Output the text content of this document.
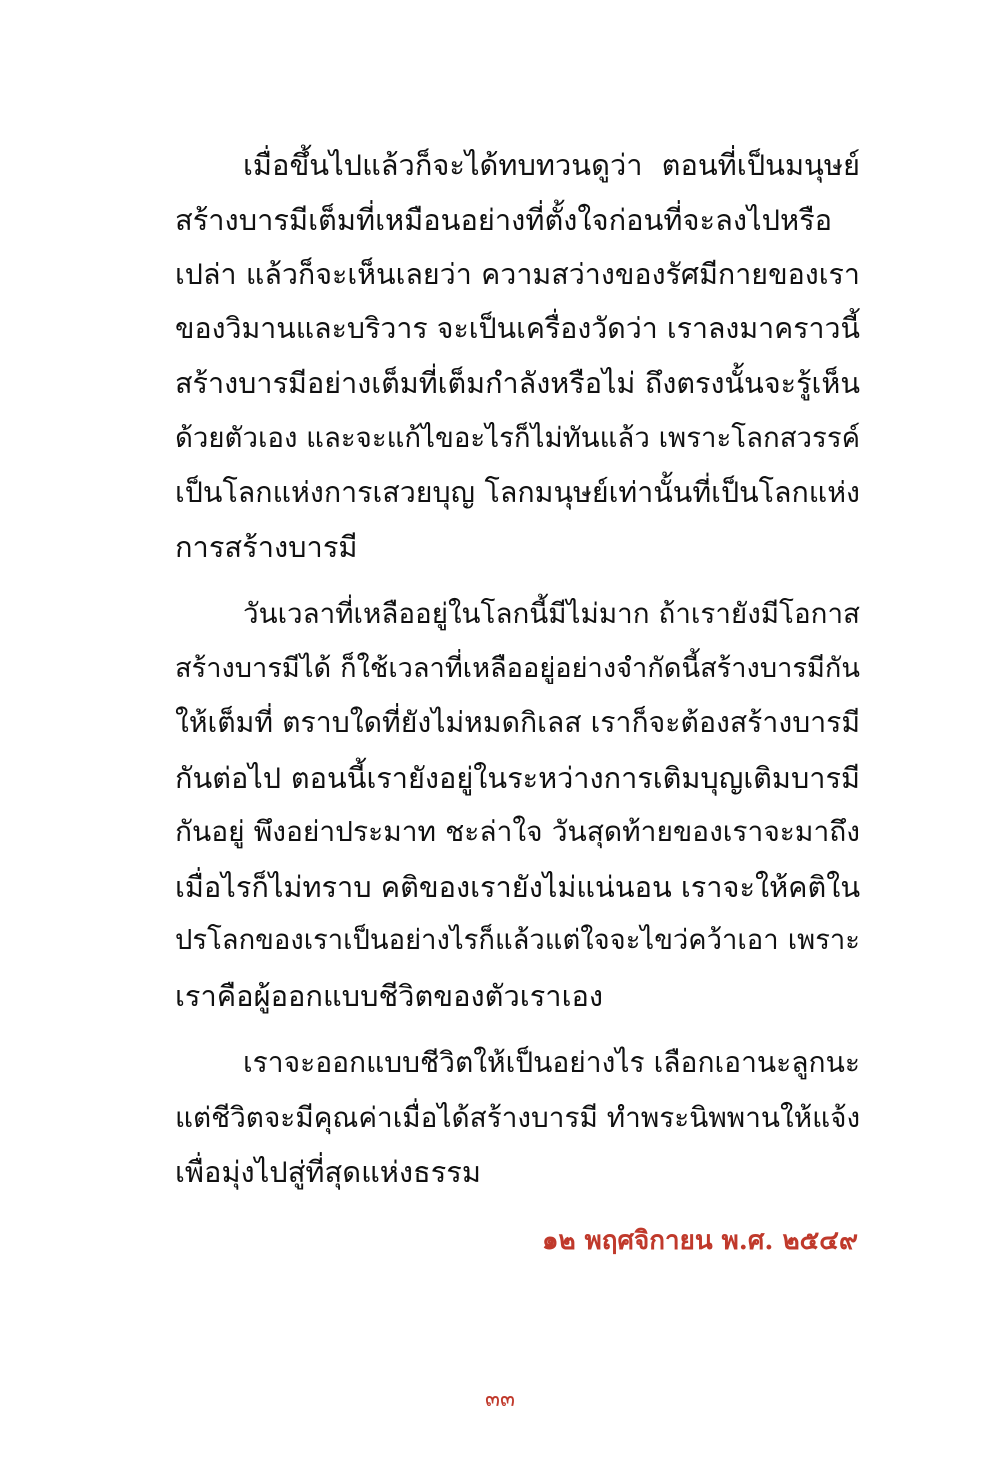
เมื่อขึ้นไปแล้วก็จะได้ทบทวนดูว่า ตอนที่เป็นมนุษย์
สร้างบารมีเต็มที่เหมือนอย่างที่ตั้งใจก่อนที่จะลงไปหรือ
เปล่า แล้วก็จะเห็นเลยว่า ความสว่างของรัศมีกายของเรา
ของวิมานและบริวาร จะเป็นเครื่องวัดว่า เราลงมาคราวนี้
สร้างบารมีอย่างเต็มที่เต็มกำลังหรือไม่ ถึงตรงนั้นจะรู้เห็น
ด้วยตัวเอง และจะแก้ไขอะไรก็ไม่ทันแล้ว เพราะโลกสวรรค์
เป็นโลกแห่งการเสวยบุญ โลกมนุษย์เท่านั้นที่เป็นโลกแห่ง
การสร้างบารมี

วันเวลาที่เหลืออยู่ในโลกนี้มีไม่มาก ถ้าเรายังมีโอกาส
สร้างบารมีได้ ก็ใช้เวลาที่เหลืออยู่อย่างจำกัดนี้สร้างบารมีกัน
ให้เต็มที่ ตราบใดที่ยังไม่หมดกิเลส เราก็จะต้องสร้างบารมี
กันต่อไป ตอนนี้เรายังอยู่ในระหว่างการเติมบุญเติมบารมี
กันอยู่ พึงอย่าประมาท ชะล่าใจ วันสุดท้ายของเราจะมาถึง
เมื่อไรก็ไม่ทราบ คติของเรายังไม่แน่นอน เราจะให้คติใน
ปรโลกของเราเป็นอย่างไรก็แล้วแต่ใจจะไขว่คว้าเอา เพราะ
เราคือผู้ออกแบบชีวิตของตัวเราเอง

เราจะออกแบบชีวิตให้เป็นอย่างไร เลือกเอานะลูกนะ
แต่ชีวิตจะมีคุณค่าเมื่อได้สร้างบารมี ทำพระนิพพานให้แจ้ง
เพื่อมุ่งไปสู่ที่สุดแห่งธรรม

๑๒ พฤศจิกายน พ.ศ. ๒๕๔๙
๓๓
